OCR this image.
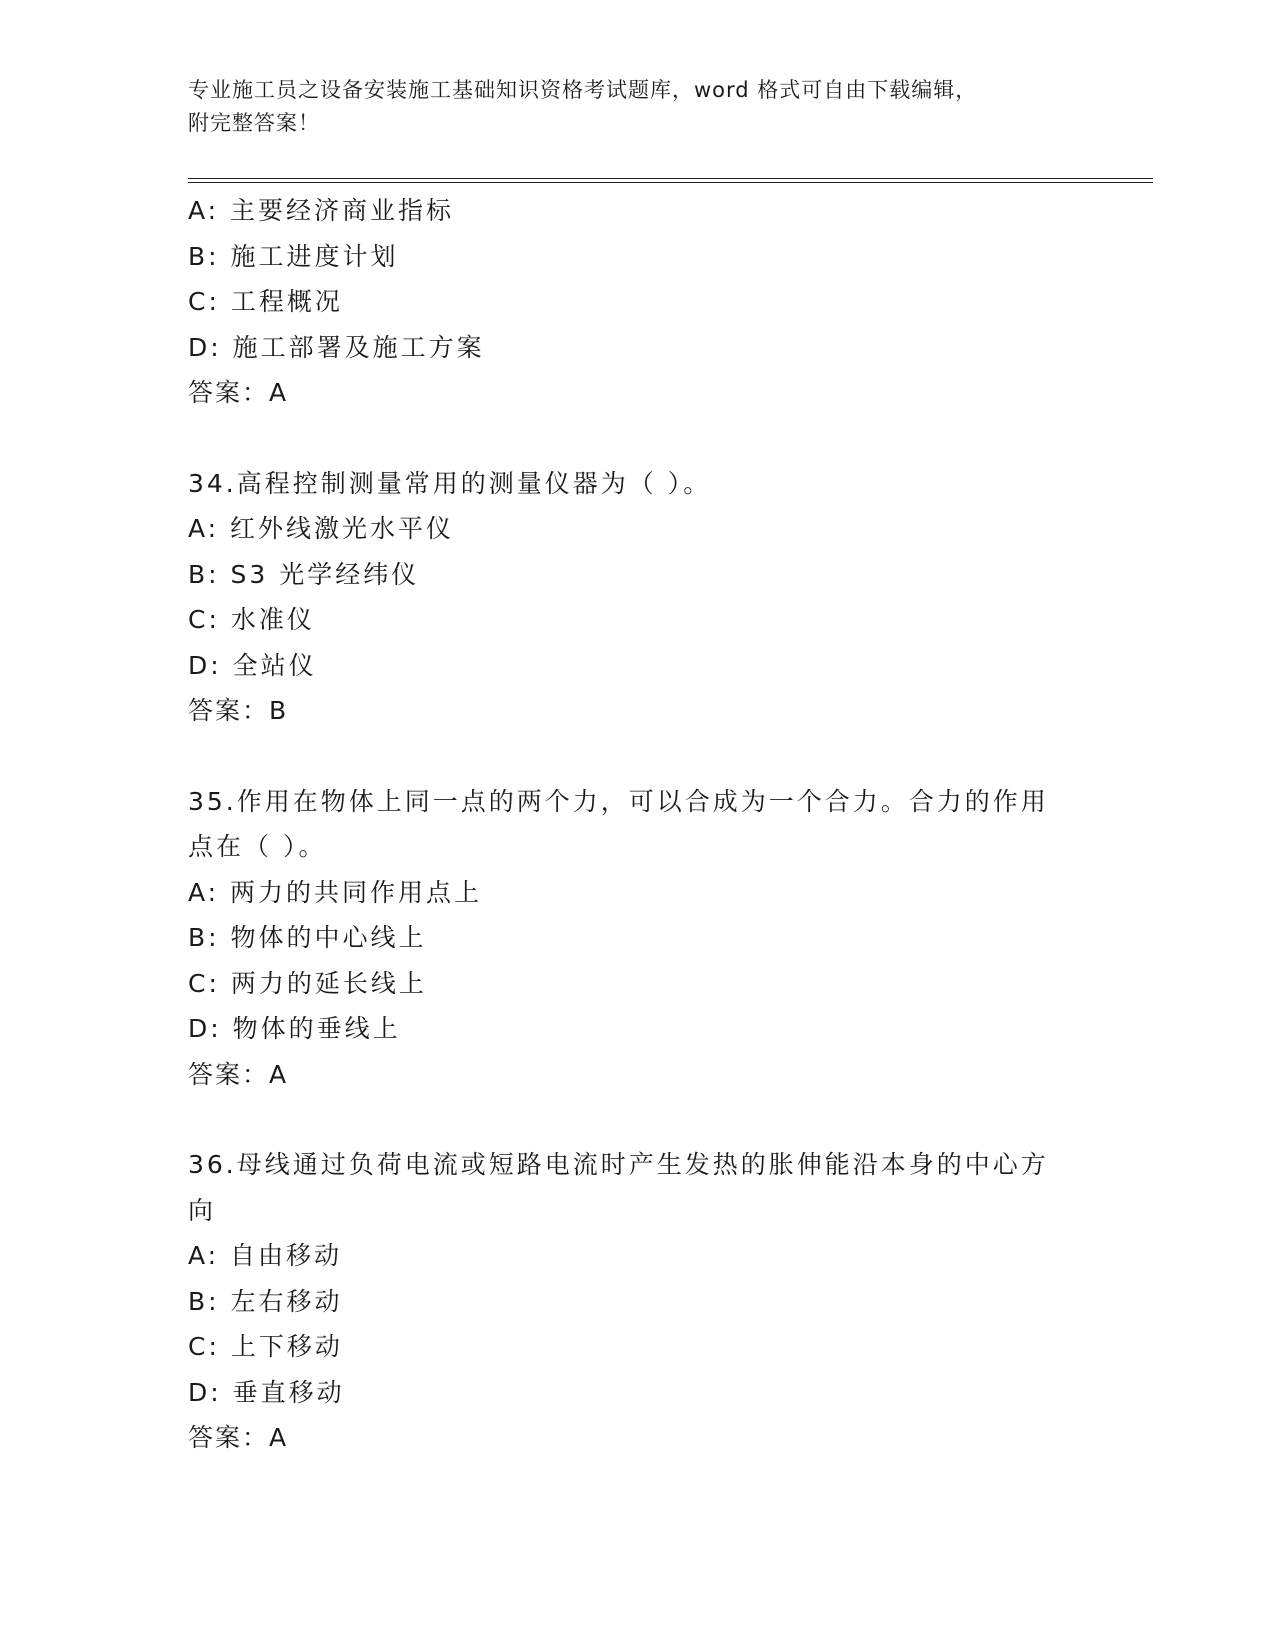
专业施工员之设备安装施工基础知识资格考试题库，word 格式可自由下载编辑，
附完整答案！
A: 主要经济商业指标
B: 施工进度计划
C: 工程概况
D: 施工部署及施工方案
答案：A
34.高程控制测量常用的测量仪器为（ ）。
A: 红外线激光水平仪
B: S3 光学经纬仪
C: 水准仪
D: 全站仪
答案：B
35.作用在物体上同一点的两个力，可以合成为一个合力。合力的作用
点在（ ）。
A: 两力的共同作用点上
B: 物体的中心线上
C: 两力的延长线上
D: 物体的垂线上
答案：A
36.母线通过负荷电流或短路电流时产生发热的胀伸能沿本身的中心方
向
A: 自由移动
B: 左右移动
C: 上下移动
D: 垂直移动
答案：A
